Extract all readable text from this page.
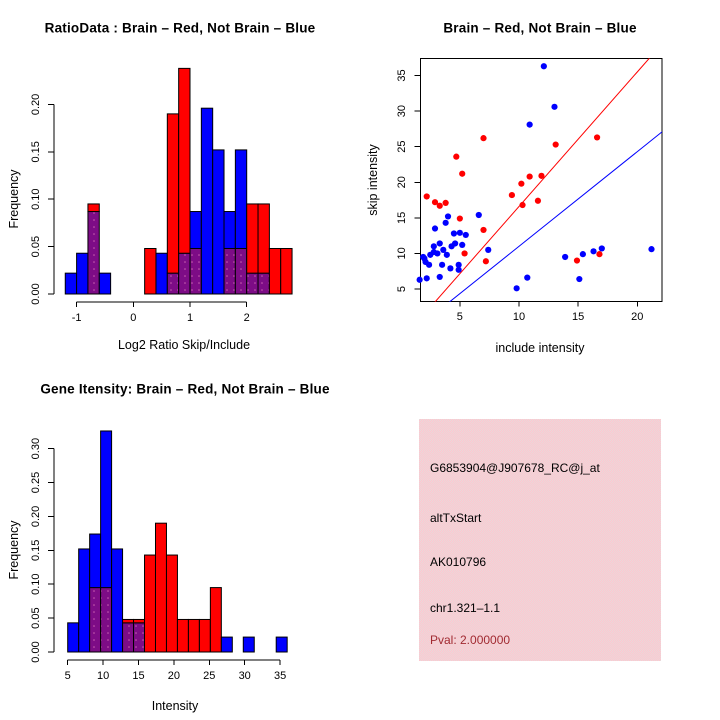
RatioData : Brain – Red, Not Brain – Blue
Log2 Ratio Skip/Include
Frequency
Brain – Red, Not Brain – Blue
include intensity
skip intensity
Gene Itensity: Brain – Red, Not Brain – Blue
Intensity
Frequency
-1	0	1	2
0.00
0.05
0.10
0.15
0.20
5	10	15	20
5
10
15
20
25
30
35
5 10 15 20 25 30 35
0.00
0.05
0.10
0.15
0.20
0.25
0.30
G6853904@J907678_RC@j_at
altTxStart
AK010796
chr1.321–1.1
Pval: 2.000000
